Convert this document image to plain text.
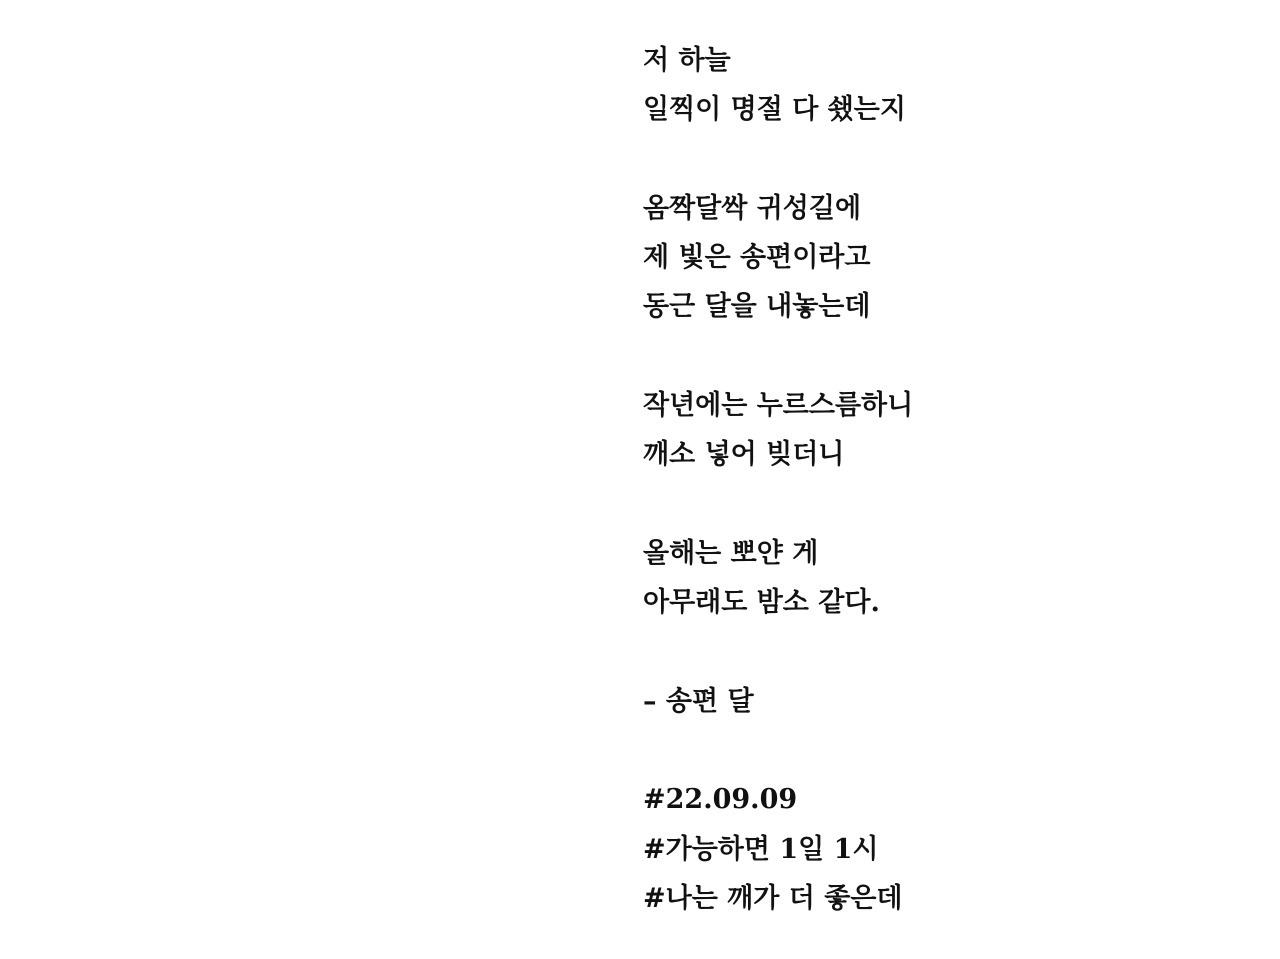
저 하늘
일찍이 명절 다 쇘는지
옴짝달싹 귀성길에
제 빛은 송편이라고
동근 달을 내놓는데
작년에는 누르스름하니
깨소 넣어 빚더니
올해는 뽀얀 게
아무래도 밤소 같다.
– 송편 달
#22.09.09
#가능하면 1일 1시
#나는 깨가 더 좋은데
